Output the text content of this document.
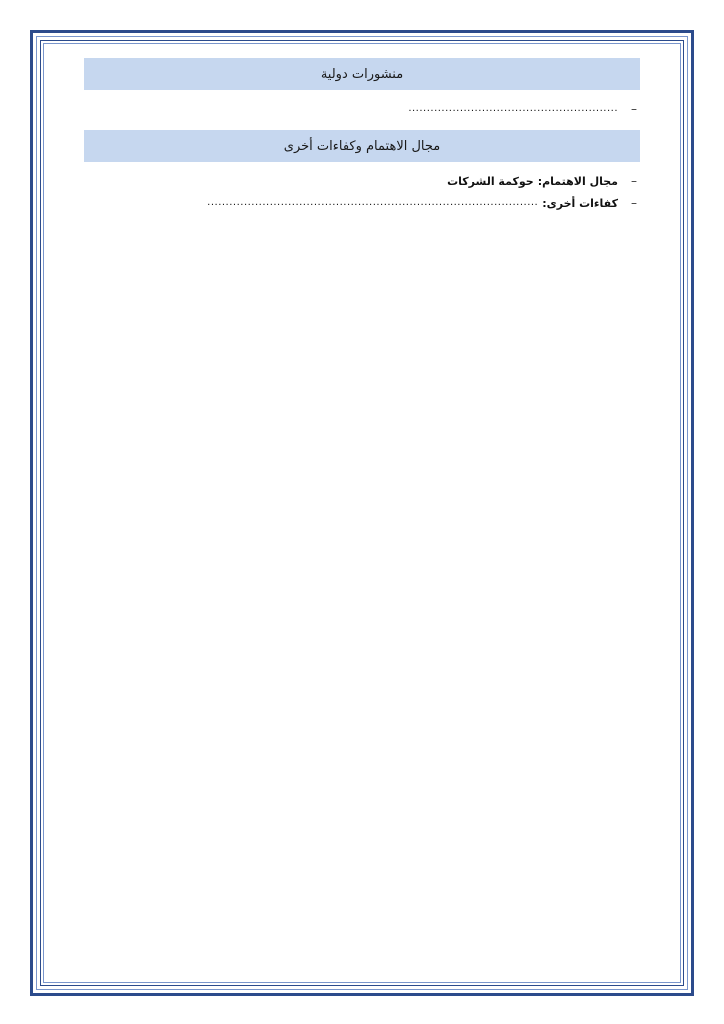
منشورات دولية
–
.........................................................
مجال الاهتمام وكفاءات أخرى
–
مجال الاهتمام:
حوكمة الشركات
–
كفاءات أخرى:
..........................................................................................
